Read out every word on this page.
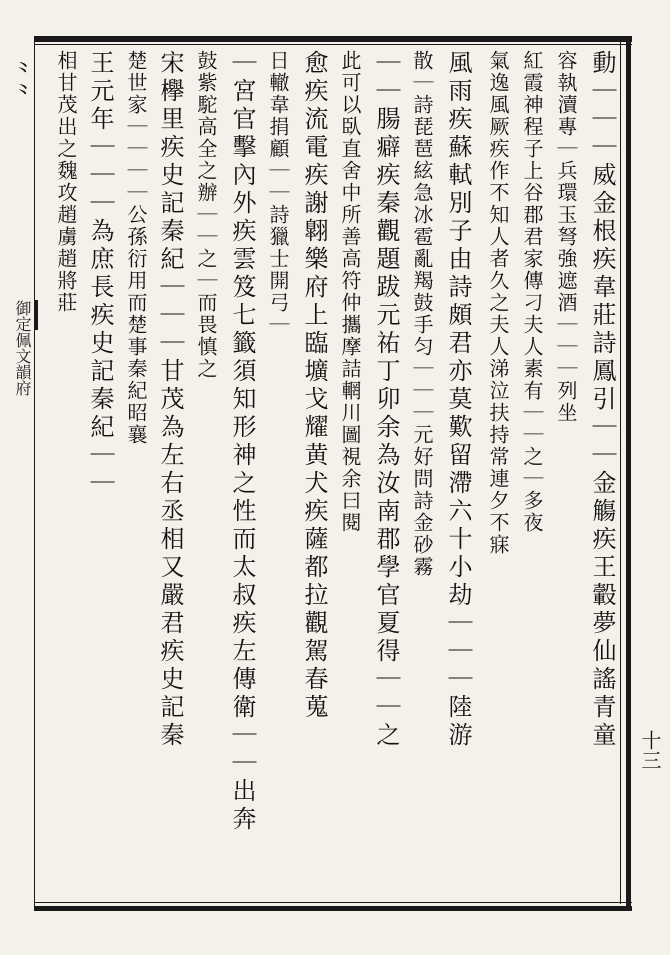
動｜｜｜威金根疾韋莊詩鳳引｜｜金觴疾王轂夢仙謠青童
容執瀆專｜兵環玉弩強遮酒｜｜｜列坐
紅霞神程子上谷郡君家傳刁夫人素有｜｜之｜多夜
氣逸風厥疾作不知人者久之夫人涕泣扶持常連夕不寐
風雨疾蘇軾別子由詩頗君亦莫歎留滯六十小劫｜｜｜陸游
散｜詩琵琶絃急冰雹亂羯鼓手匀｜｜｜元好問詩金砂霧
｜｜腸癖疾秦觀題跋元祐丁卯余為汝南郡學官夏得｜｜之
此可以臥直舍中所善高符仲攜摩詰輞川圖視余曰閱
愈疾流電疾謝翺樂府上臨壙戈耀黄犬疾薩都拉觀駕春蒐
日轍韋捐顧｜｜詩獵士開弓｜
｜宮官擊內外疾雲笈七籤須知形神之性而太叔疾左傳衛｜｜出奔
鼓紫駝高全之辦｜｜之｜而畏慎之
宋欅里疾史記秦紀｜｜｜甘茂為左右丞相又嚴君疾史記秦
楚世家｜｜｜｜公孫衍用而楚事秦紀昭襄
王元年｜｜｜為庶長疾史記秦紀｜｜
相甘茂出之魏攻趙虜趙將莊
御定佩文韻府
十三
⺀⺀
